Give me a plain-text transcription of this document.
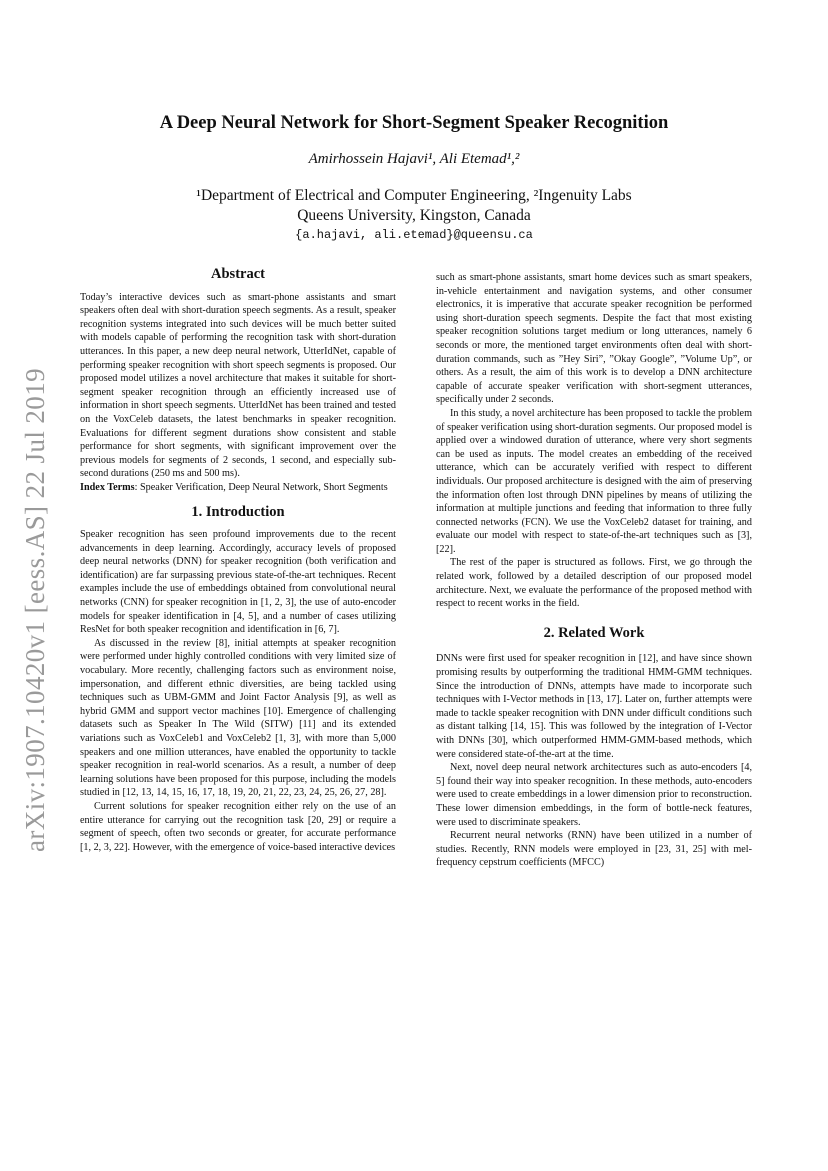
arXiv:1907.10420v1 [eess.AS] 22 Jul 2019
A Deep Neural Network for Short-Segment Speaker Recognition
Amirhossein Hajavi¹, Ali Etemad¹,²
¹Department of Electrical and Computer Engineering, ²Ingenuity Labs
Queens University, Kingston, Canada
{a.hajavi, ali.etemad}@queensu.ca
Abstract

Today’s interactive devices such as smart-phone assistants and smart speakers often deal with short-duration speech segments. As a result, speaker recognition systems integrated into such devices will be much better suited with models capable of performing the recognition task with short-duration utterances. In this paper, a new deep neural network, UtterIdNet, capable of performing speaker recognition with short speech segments is proposed. Our proposed model utilizes a novel architecture that makes it suitable for short-segment speaker recognition through an efficiently increased use of information in short speech segments. UtterIdNet has been trained and tested on the VoxCeleb datasets, the latest benchmarks in speaker recognition. Evaluations for different segment durations show consistent and stable performance for short segments, with significant improvement over the previous models for segments of 2 seconds, 1 second, and especially sub-second durations (250 ms and 500 ms).

Index Terms: Speaker Verification, Deep Neural Network, Short Segments

1. Introduction

Speaker recognition has seen profound improvements due to the recent advancements in deep learning. Accordingly, accuracy levels of proposed deep neural networks (DNN) for speaker recognition (both verification and identification) are far surpassing previous state-of-the-art techniques. Recent examples include the use of embeddings obtained from convolutional neural networks (CNN) for speaker recognition in [1, 2, 3], the use of auto-encoder models for speaker identification in [4, 5], and a number of cases utilizing ResNet for both speaker recognition and identification in [6, 7].

As discussed in the review [8], initial attempts at speaker recognition were performed under highly controlled conditions with very limited size of vocabulary. More recently, challenging factors such as environment noise, impersonation, and different ethnic diversities, are being tackled using techniques such as UBM-GMM and Joint Factor Analysis [9], as well as hybrid GMM and support vector machines [10]. Emergence of challenging datasets such as Speaker In The Wild (SITW) [11] and its extended variations such as VoxCeleb1 and VoxCeleb2 [1, 3], with more than 5,000 speakers and one million utterances, have enabled the opportunity to tackle speaker recognition in real-world scenarios. As a result, a number of deep learning solutions have been proposed for this purpose, including the models studied in [12, 13, 14, 15, 16, 17, 18, 19, 20, 21, 22, 23, 24, 25, 26, 27, 28].

Current solutions for speaker recognition either rely on the use of an entire utterance for carrying out the recognition task [20, 29] or require a segment of speech, often two seconds or greater, for accurate performance [1, 2, 3, 22]. However, with the emergence of voice-based interactive devices

such as smart-phone assistants, smart home devices such as smart speakers, in-vehicle entertainment and navigation systems, and other consumer electronics, it is imperative that accurate speaker recognition be performed using short-duration speech segments. Despite the fact that most existing speaker recognition solutions target medium or long utterances, namely 6 seconds or more, the mentioned target environments often deal with short-duration commands, such as ”Hey Siri”, ”Okay Google”, ”Volume Up”, or others. As a result, the aim of this work is to develop a DNN architecture capable of accurate speaker verification with short-segment utterances, specifically under 2 seconds.

In this study, a novel architecture has been proposed to tackle the problem of speaker verification using short-duration segments. Our proposed model is applied over a windowed duration of utterance, where very short segments can be used as inputs. The model creates an embedding of the received utterance, which can be accurately verified with respect to different individuals. Our proposed architecture is designed with the aim of preserving the information often lost through DNN pipelines by means of utilizing the information at multiple junctions and feeding that information to three fully connected networks (FCN). We use the VoxCeleb2 dataset for training, and evaluate our model with respect to state-of-the-art techniques such as [3], [22].

The rest of the paper is structured as follows. First, we go through the related work, followed by a detailed description of our proposed model architecture. Next, we evaluate the performance of the proposed method with respect to recent works in the field.

2. Related Work

DNNs were first used for speaker recognition in [12], and have since shown promising results by outperforming the traditional HMM-GMM techniques. Since the introduction of DNNs, attempts have made to incorporate such techniques with I-Vector methods in [13, 17]. Later on, further attempts were made to tackle speaker recognition with DNN under difficult conditions such as distant talking [14, 15]. This was followed by the integration of I-Vector with DNNs [30], which outperformed HMM-GMM-based methods, which were considered state-of-the-art at the time.

Next, novel deep neural network architectures such as auto-encoders [4, 5] found their way into speaker recognition. In these methods, auto-encoders were used to create embeddings in a lower dimension prior to reconstruction. These lower dimension embeddings, in the form of bottle-neck features, were used to discriminate speakers.

Recurrent neural networks (RNN) have been utilized in a number of studies. Recently, RNN models were employed in [23, 31, 25] with mel-frequency cepstrum coefficients (MFCC)
